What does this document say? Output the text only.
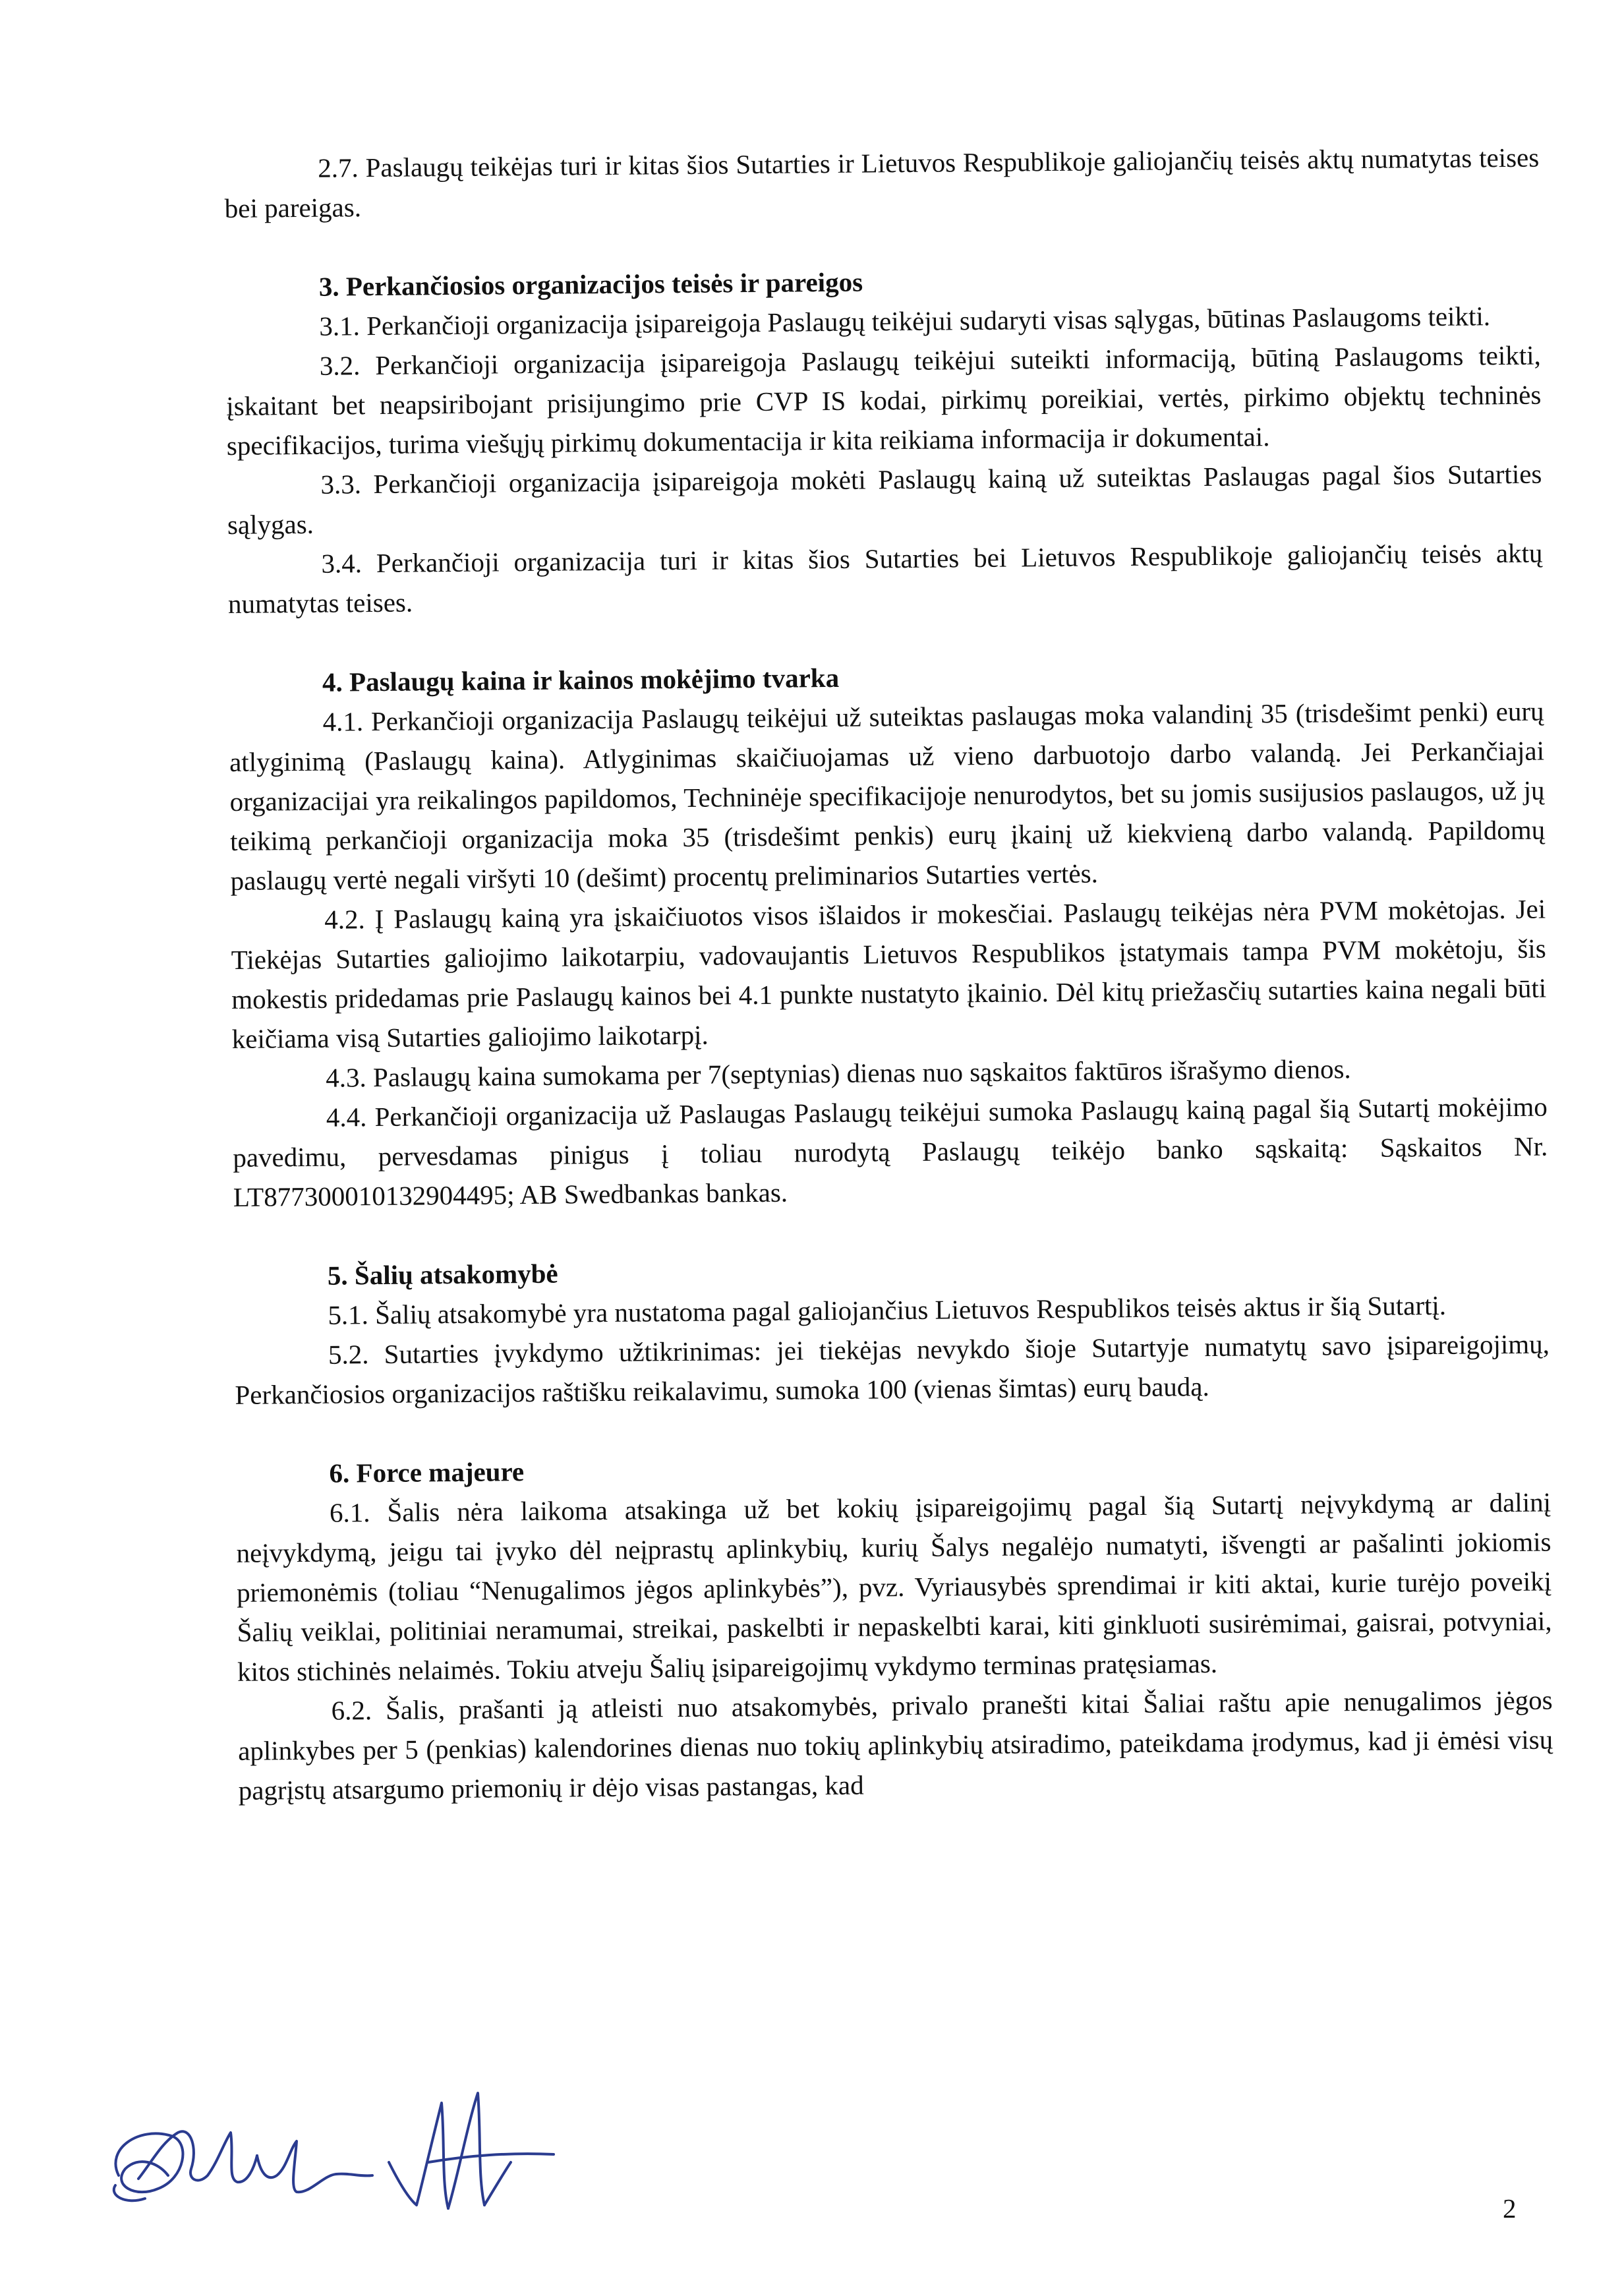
2.7. Paslaugų teikėjas turi ir kitas šios Sutarties ir Lietuvos Respublikoje galiojančių teisės aktų numatytas teises bei pareigas.

3. Perkančiosios organizacijos teisės ir pareigos

3.1. Perkančioji organizacija įsipareigoja Paslaugų teikėjui sudaryti visas sąlygas, būtinas Paslaugoms teikti.

3.2. Perkančioji organizacija įsipareigoja Paslaugų teikėjui suteikti informaciją, būtiną Paslaugoms teikti, įskaitant bet neapsiribojant prisijungimo prie CVP IS kodai, pirkimų poreikiai, vertės, pirkimo objektų techninės specifikacijos, turima viešųjų pirkimų dokumentacija ir kita reikiama informacija ir dokumentai.

3.3. Perkančioji organizacija įsipareigoja mokėti Paslaugų kainą už suteiktas Paslaugas pagal šios Sutarties sąlygas.

3.4. Perkančioji organizacija turi ir kitas šios Sutarties bei Lietuvos Respublikoje galiojančių teisės aktų numatytas teises.

4. Paslaugų kaina ir kainos mokėjimo tvarka

4.1. Perkančioji organizacija Paslaugų teikėjui už suteiktas paslaugas moka valandinį 35 (trisdešimt penki) eurų atlyginimą (Paslaugų kaina). Atlyginimas skaičiuojamas už vieno darbuotojo darbo valandą. Jei Perkančiajai organizacijai yra reikalingos papildomos, Techninėje specifikacijoje nenurodytos, bet su jomis susijusios paslaugos, už jų teikimą perkančioji organizacija moka 35 (trisdešimt penkis) eurų įkainį už kiekvieną darbo valandą. Papildomų paslaugų vertė negali viršyti 10 (dešimt) procentų preliminarios Sutarties vertės.

4.2. Į Paslaugų kainą yra įskaičiuotos visos išlaidos ir mokesčiai. Paslaugų teikėjas nėra PVM mokėtojas. Jei Tiekėjas Sutarties galiojimo laikotarpiu, vadovaujantis Lietuvos Respublikos įstatymais tampa PVM mokėtoju, šis mokestis pridedamas prie Paslaugų kainos bei 4.1 punkte nustatyto įkainio. Dėl kitų priežasčių sutarties kaina negali būti keičiama visą Sutarties galiojimo laikotarpį.

4.3. Paslaugų kaina sumokama per 7(septynias) dienas nuo sąskaitos faktūros išrašymo dienos.

4.4. Perkančioji organizacija už Paslaugas Paslaugų teikėjui sumoka Paslaugų kainą pagal šią Sutartį mokėjimo pavedimu, pervesdamas pinigus į toliau nurodytą Paslaugų teikėjo banko sąskaitą: Sąskaitos Nr. LT877300010132904495; AB Swedbankas bankas.

5. Šalių atsakomybė

5.1. Šalių atsakomybė yra nustatoma pagal galiojančius Lietuvos Respublikos teisės aktus ir šią Sutartį.

5.2. Sutarties įvykdymo užtikrinimas: jei tiekėjas nevykdo šioje Sutartyje numatytų savo įsipareigojimų, Perkančiosios organizacijos raštišku reikalavimu, sumoka 100 (vienas šimtas) eurų baudą.

6. Force majeure

6.1. Šalis nėra laikoma atsakinga už bet kokių įsipareigojimų pagal šią Sutartį neįvykdymą ar dalinį neįvykdymą, jeigu tai įvyko dėl neįprastų aplinkybių, kurių Šalys negalėjo numatyti, išvengti ar pašalinti jokiomis priemonėmis (toliau “Nenugalimos jėgos aplinkybės”), pvz. Vyriausybės sprendimai ir kiti aktai, kurie turėjo poveikį Šalių veiklai, politiniai neramumai, streikai, paskelbti ir nepaskelbti karai, kiti ginkluoti susirėmimai, gaisrai, potvyniai, kitos stichinės nelaimės. Tokiu atveju Šalių įsipareigojimų vykdymo terminas pratęsiamas.

6.2. Šalis, prašanti ją atleisti nuo atsakomybės, privalo pranešti kitai Šaliai raštu apie nenugalimos jėgos aplinkybes per 5 (penkias) kalendorines dienas nuo tokių aplinkybių atsiradimo, pateikdama įrodymus, kad ji ėmėsi visų pagrįstų atsargumo priemonių ir dėjo visas pastangas, kad

2
